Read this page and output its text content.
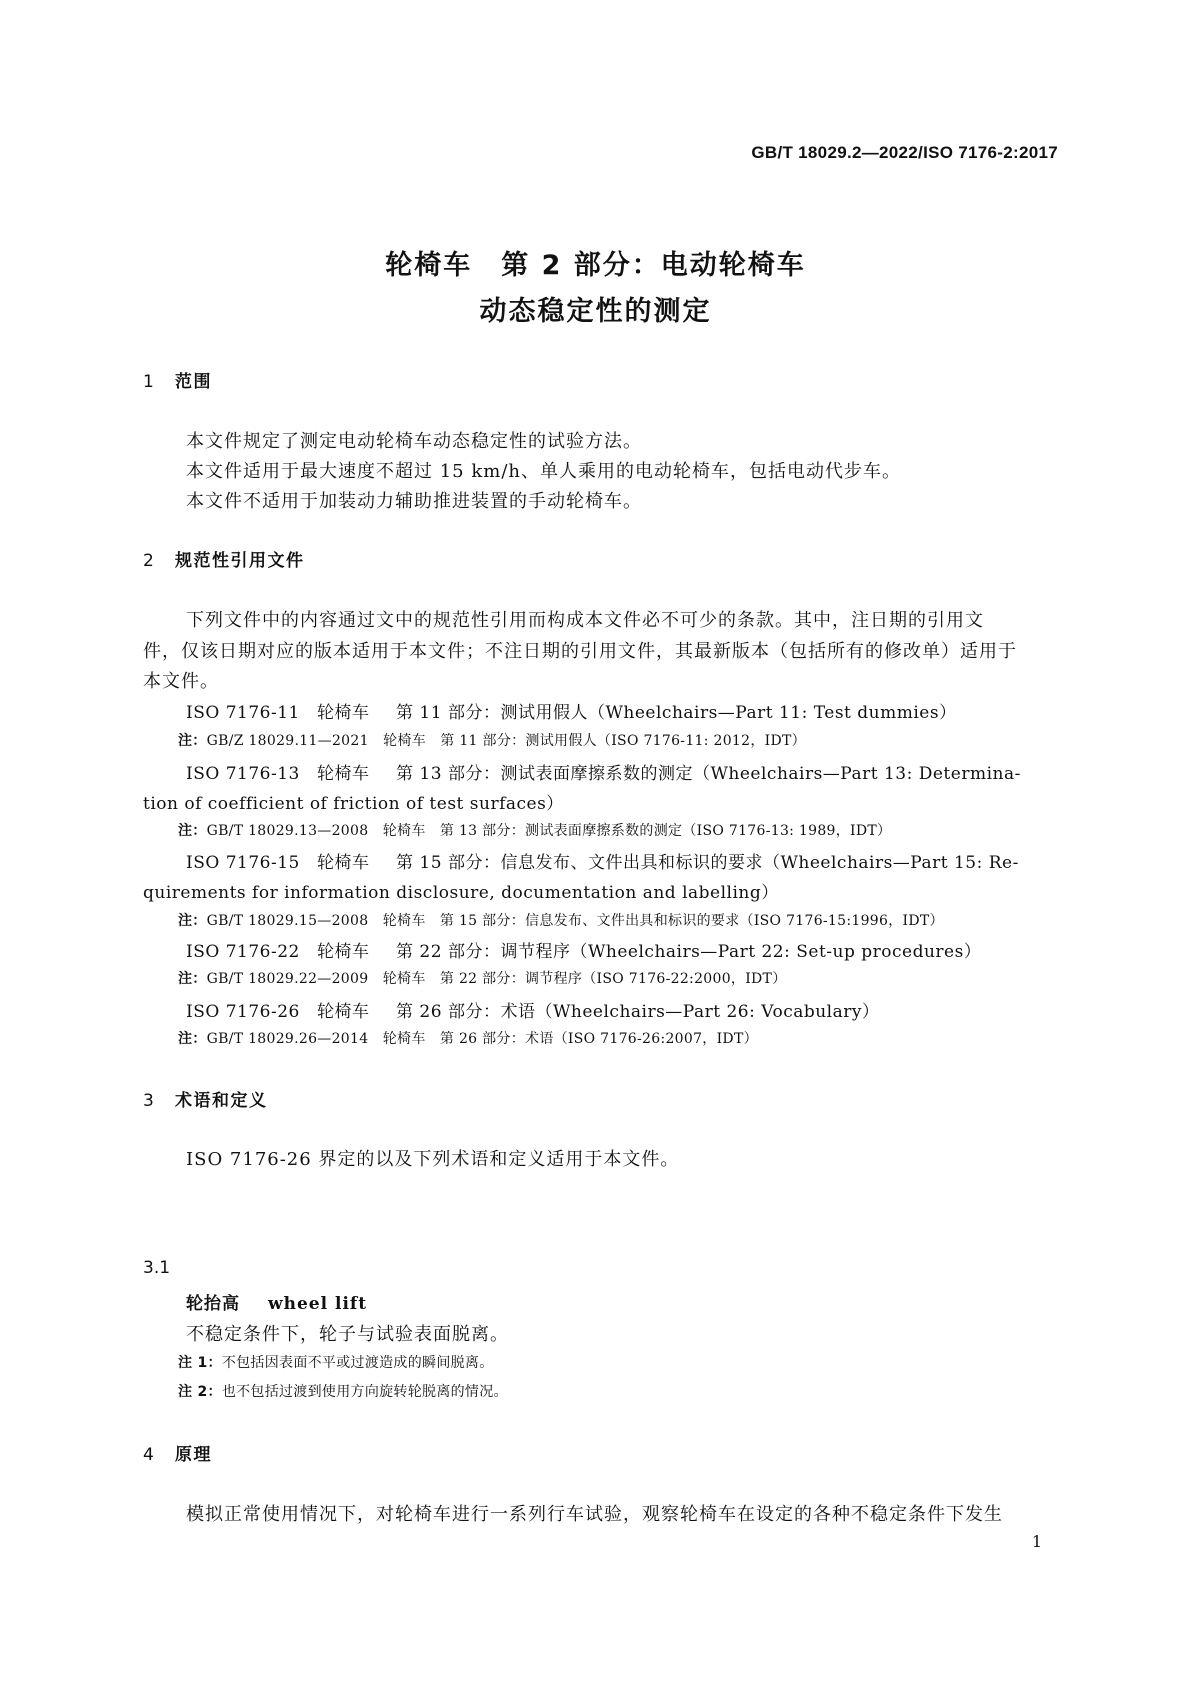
GB/T 18029.2—2022/ISO 7176-2:2017
轮椅车　第 2 部分：电动轮椅车
动态稳定性的测定
1 范围
本文件规定了测定电动轮椅车动态稳定性的试验方法。
本文件适用于最大速度不超过 15 km/h、单人乘用的电动轮椅车，包括电动代步车。
本文件不适用于加装动力辅助推进装置的手动轮椅车。
2 规范性引用文件
下列文件中的内容通过文中的规范性引用而构成本文件必不可少的条款。其中，注日期的引用文
件，仅该日期对应的版本适用于本文件；不注日期的引用文件，其最新版本（包括所有的修改单）适用于
本文件。
ISO 7176-11 轮椅车 第 11 部分：测试用假人（Wheelchairs—Part 11: Test dummies）
注：GB/Z 18029.11—2021　轮椅车　第 11 部分：测试用假人（ISO 7176-11: 2012，IDT）
ISO 7176-13 轮椅车 第 13 部分：测试表面摩擦系数的测定（Wheelchairs—Part 13: Determina-
tion of coefficient of friction of test surfaces）
注：GB/T 18029.13—2008　轮椅车　第 13 部分：测试表面摩擦系数的测定（ISO 7176-13: 1989，IDT）
ISO 7176-15 轮椅车 第 15 部分：信息发布、文件出具和标识的要求（Wheelchairs—Part 15: Re-
quirements for information disclosure, documentation and labelling）
注：GB/T 18029.15—2008　轮椅车　第 15 部分：信息发布、文件出具和标识的要求（ISO 7176-15:1996，IDT）
ISO 7176-22 轮椅车 第 22 部分：调节程序（Wheelchairs—Part 22: Set-up procedures）
注：GB/T 18029.22—2009　轮椅车　第 22 部分：调节程序（ISO 7176-22:2000，IDT）
ISO 7176-26 轮椅车 第 26 部分：术语（Wheelchairs—Part 26: Vocabulary）
注：GB/T 18029.26—2014　轮椅车　第 26 部分：术语（ISO 7176-26:2007，IDT）
3 术语和定义
ISO 7176-26 界定的以及下列术语和定义适用于本文件。
3.1
轮抬高 wheel lift
不稳定条件下，轮子与试验表面脱离。
注 1：不包括因表面不平或过渡造成的瞬间脱离。
注 2：也不包括过渡到使用方向旋转轮脱离的情况。
4 原理
模拟正常使用情况下，对轮椅车进行一系列行车试验，观察轮椅车在设定的各种不稳定条件下发生
1
